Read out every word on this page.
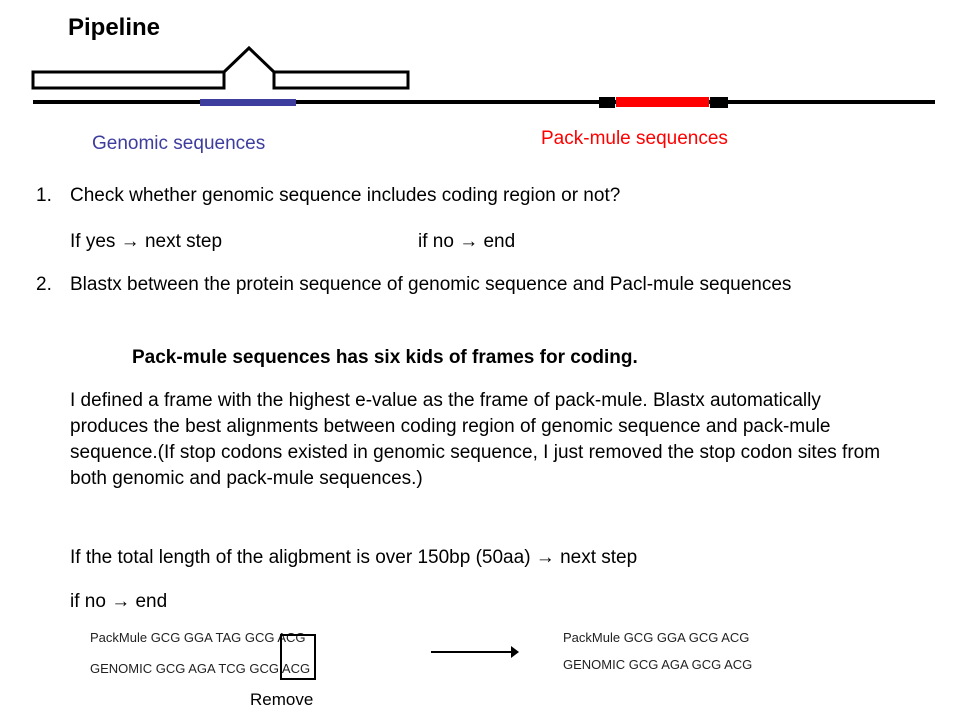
Pipeline
Genomic sequences	Pack-mule sequences
1. Check whether genomic sequence includes coding region or not?
If yes → next step	if no → end
2. Blastx between the protein sequence of genomic sequence and Pacl-mule sequences
Pack-mule sequences has six kids of frames for coding.
I defined a frame with the highest e-value as the frame of pack-mule. Blastx automatically produces the best alignments between coding region of genomic sequence and pack-mule sequence.(If stop codons existed in genomic sequence, I just removed the stop codon sites from both genomic and pack-mule sequences.)
If the total length of the aligbment is over 150bp (50aa) → next step
if no → end
PackMule GCG GGA TAG GCG ACG
GENOMIC GCG AGA TCG GCG ACG
Remove
PackMule GCG GGA GCG ACG
GENOMIC GCG AGA GCG ACG
